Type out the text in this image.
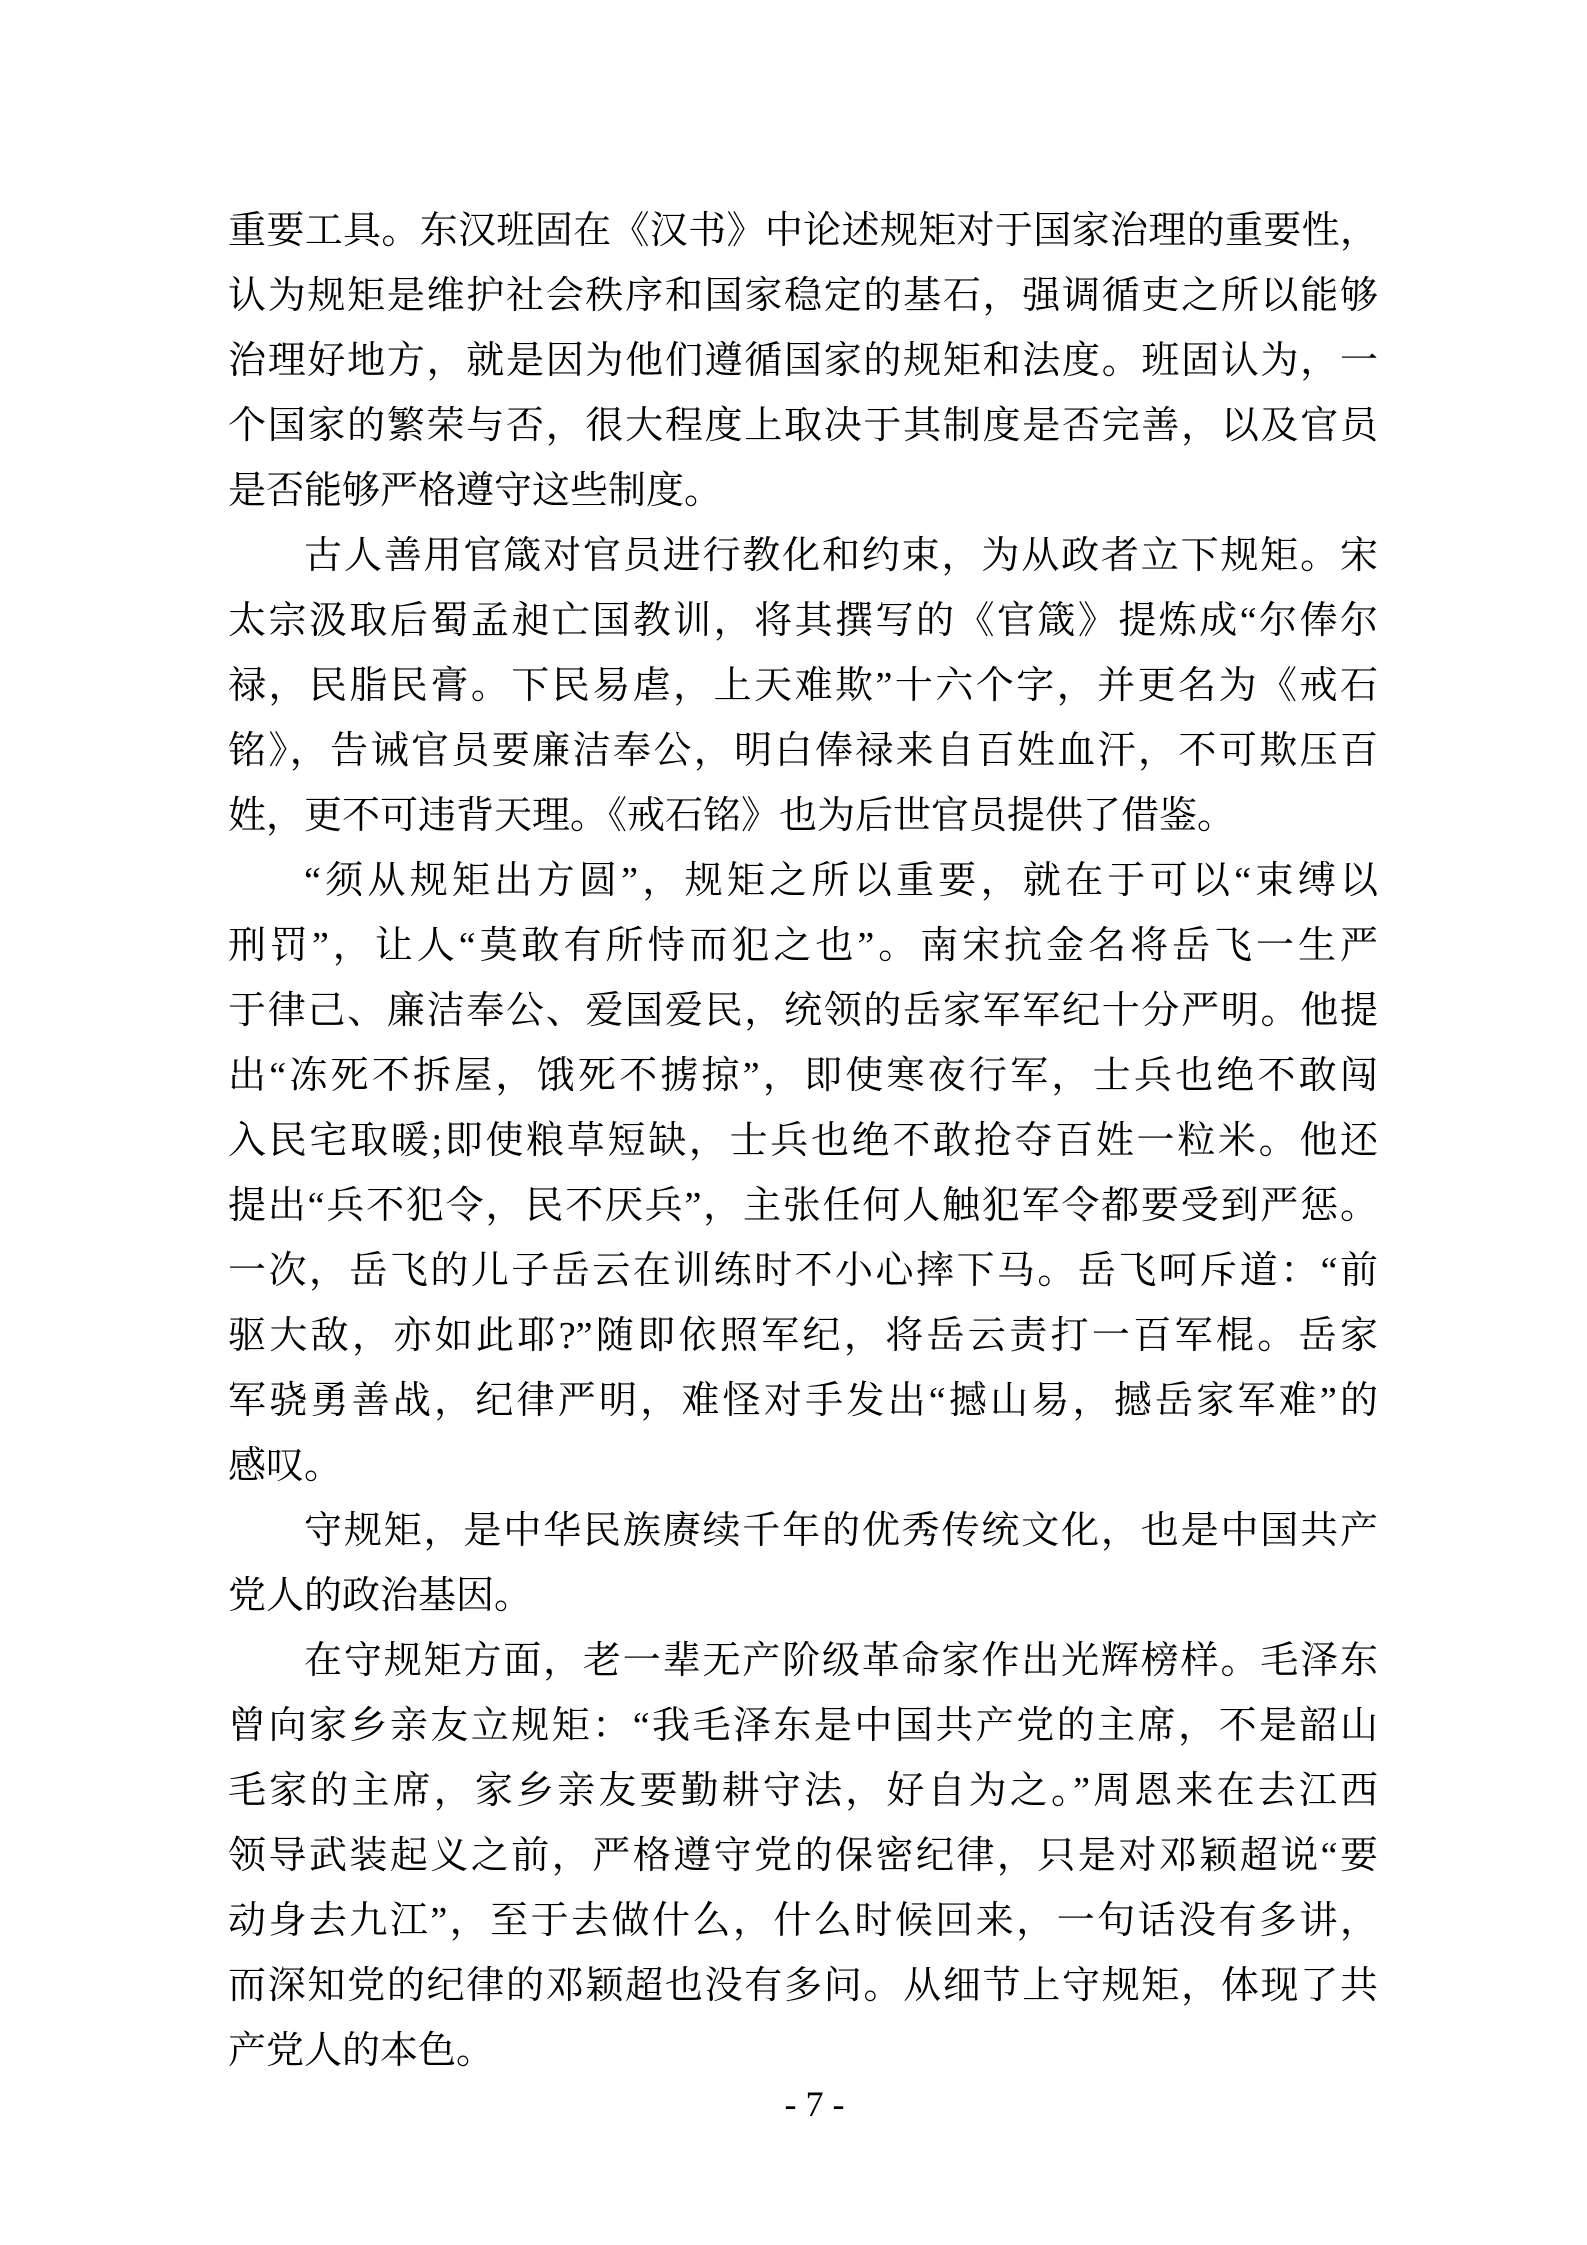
重要工具。东汉班固在《汉书》中论述规矩对于国家治理的重要性，
认为规矩是维护社会秩序和国家稳定的基石，强调循吏之所以能够
治理好地方，就是因为他们遵循国家的规矩和法度。班固认为，一
个国家的繁荣与否，很大程度上取决于其制度是否完善，以及官员
是否能够严格遵守这些制度。
古人善用官箴对官员进行教化和约束，为从政者立下规矩。宋
太宗汲取后蜀孟昶亡国教训，将其撰写的《官箴》提炼成“尔俸尔
禄，民脂民膏。下民易虐，上天难欺”十六个字，并更名为《戒石
铭》，告诫官员要廉洁奉公，明白俸禄来自百姓血汗，不可欺压百
姓，更不可违背天理。《戒石铭》也为后世官员提供了借鉴。
“须从规矩出方圆”，规矩之所以重要，就在于可以“束缚以
刑罚”，让人“莫敢有所恃而犯之也”。南宋抗金名将岳飞一生严
于律己、廉洁奉公、爱国爱民，统领的岳家军军纪十分严明。他提
出“冻死不拆屋，饿死不掳掠”，即使寒夜行军，士兵也绝不敢闯
入民宅取暖;即使粮草短缺，士兵也绝不敢抢夺百姓一粒米。他还
提出“兵不犯令，民不厌兵”，主张任何人触犯军令都要受到严惩。
一次，岳飞的儿子岳云在训练时不小心摔下马。岳飞呵斥道：“前
驱大敌，亦如此耶?”随即依照军纪，将岳云责打一百军棍。岳家
军骁勇善战，纪律严明，难怪对手发出“撼山易，撼岳家军难”的
感叹。
守规矩，是中华民族赓续千年的优秀传统文化，也是中国共产
党人的政治基因。
在守规矩方面，老一辈无产阶级革命家作出光辉榜样。毛泽东
曾向家乡亲友立规矩：“我毛泽东是中国共产党的主席，不是韶山
毛家的主席，家乡亲友要勤耕守法，好自为之。”周恩来在去江西
领导武装起义之前，严格遵守党的保密纪律，只是对邓颖超说“要
动身去九江”，至于去做什么，什么时候回来，一句话没有多讲，
而深知党的纪律的邓颖超也没有多问。从细节上守规矩，体现了共
产党人的本色。
- 7 -
